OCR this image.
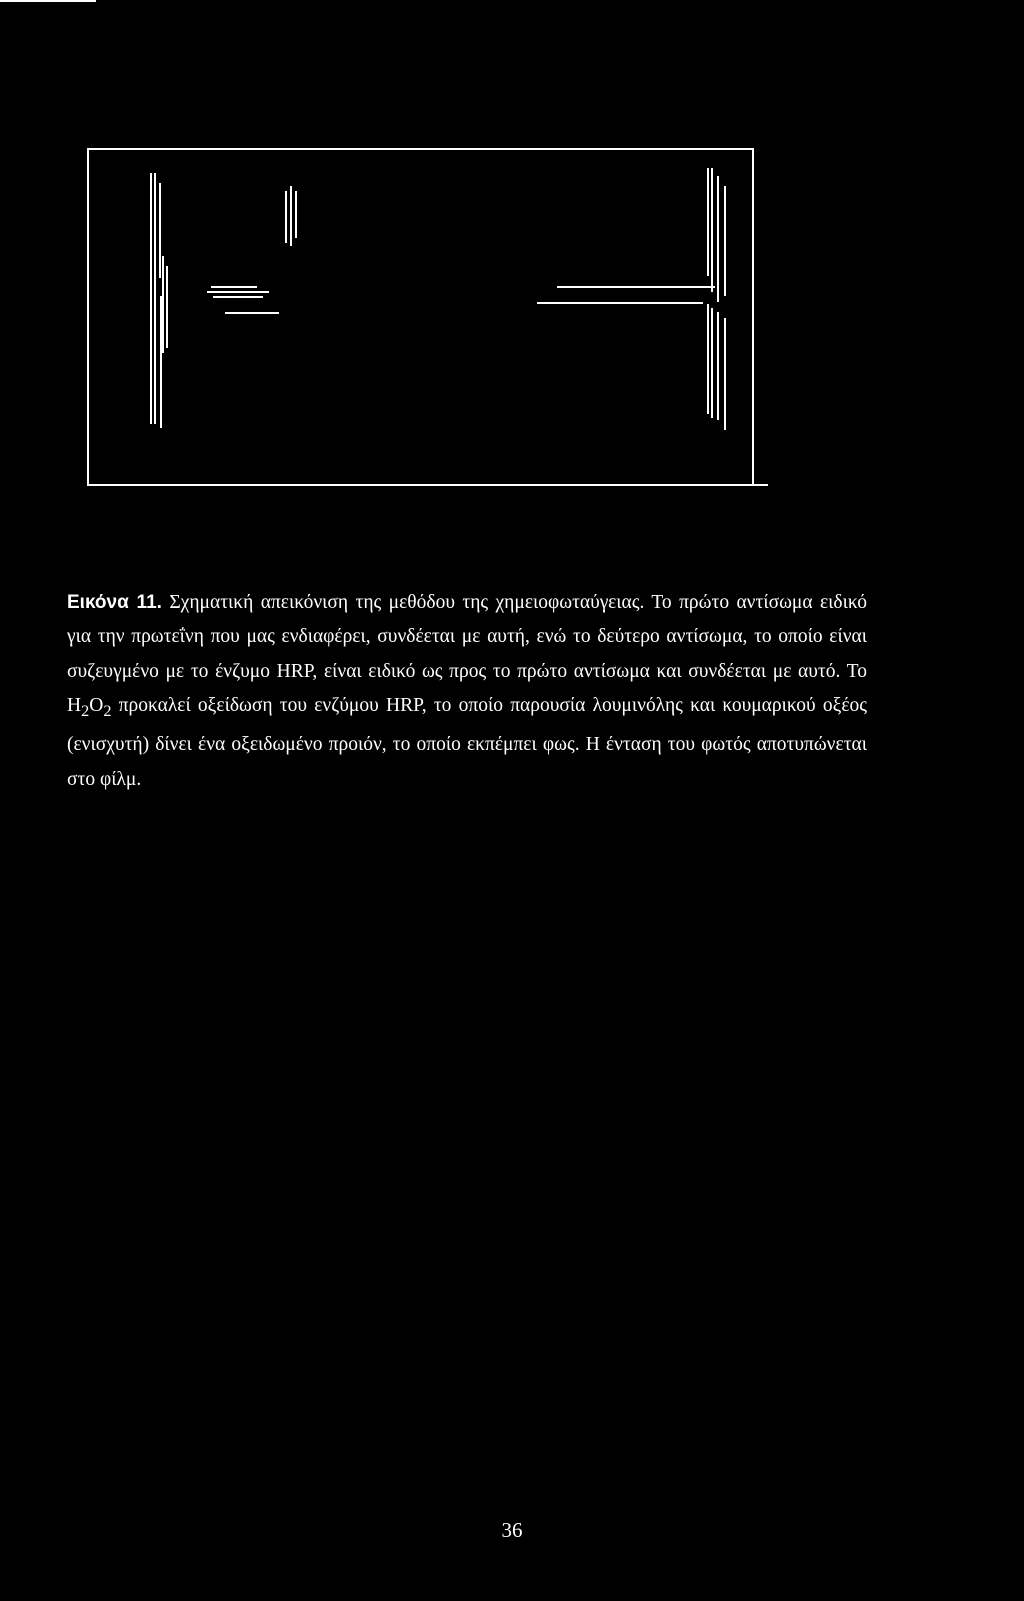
Εικόνα 11. Σχηματική απεικόνιση της μεθόδου της χημειοφωταύγειας. Το πρώτο αντίσωμα ειδικό για την πρωτεΐνη που μας ενδιαφέρει, συνδέεται με αυτή, ενώ το δεύτερο αντίσωμα, το οποίο είναι συζευγμένο με το ένζυμο HRP, είναι ειδικό ως προς το πρώτο αντίσωμα και συνδέεται με αυτό. Το $H_2O_2$ προκαλεί οξείδωση του ενζύμου HRP, το οποίο παρουσία λουμινόλης και κουμαρικού οξέος (ενισχυτή) δίνει ένα οξειδωμένο προιόν, το οποίο εκπέμπει φως. Η ένταση του φωτός αποτυπώνεται στο φίλμ.

36
